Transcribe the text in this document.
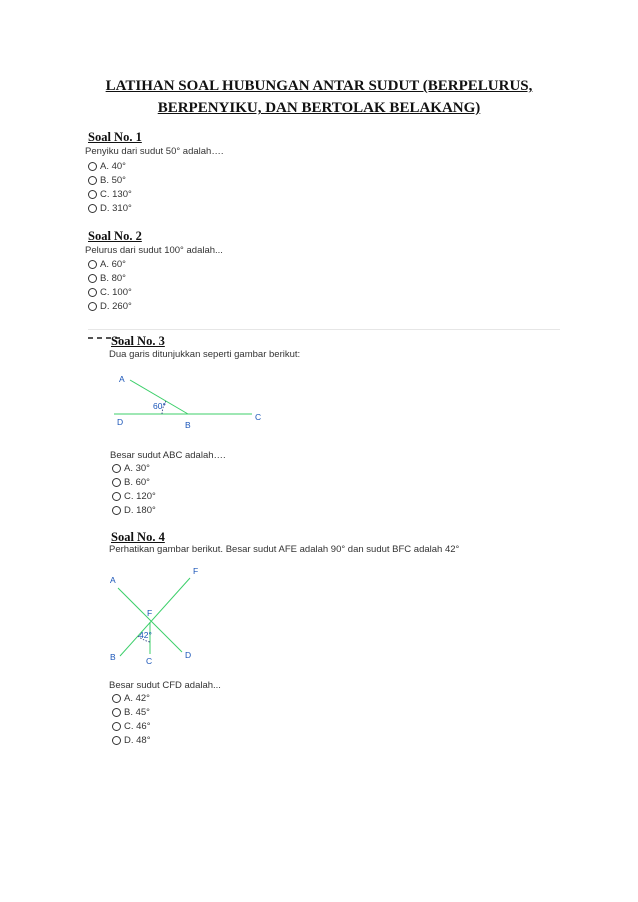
LATIHAN SOAL HUBUNGAN ANTAR SUDUT (BERPELURUS,
BERPENYIKU, DAN BERTOLAK BELAKANG)
Soal No. 1
Penyiku dari sudut 50° adalah….
A. 40°
B. 50°
C. 130°
D. 310°
Soal No. 2
Pelurus dari sudut 100° adalah...
A. 60°
B. 80°
C. 100°
D. 260°
Soal No. 3
Dua garis ditunjukkan seperti gambar berikut:
A
60°
D	B
C
Besar sudut ABC adalah….
A. 30°
B. 60°
C. 120°
D. 180°
Soal No. 4
Perhatikan gambar berikut. Besar sudut AFE adalah 90° dan sudut BFC adalah 42°
A
F
F
42°
B	C
D
Besar sudut CFD adalah...
A. 42°
B. 45°
C. 46°
D. 48°
